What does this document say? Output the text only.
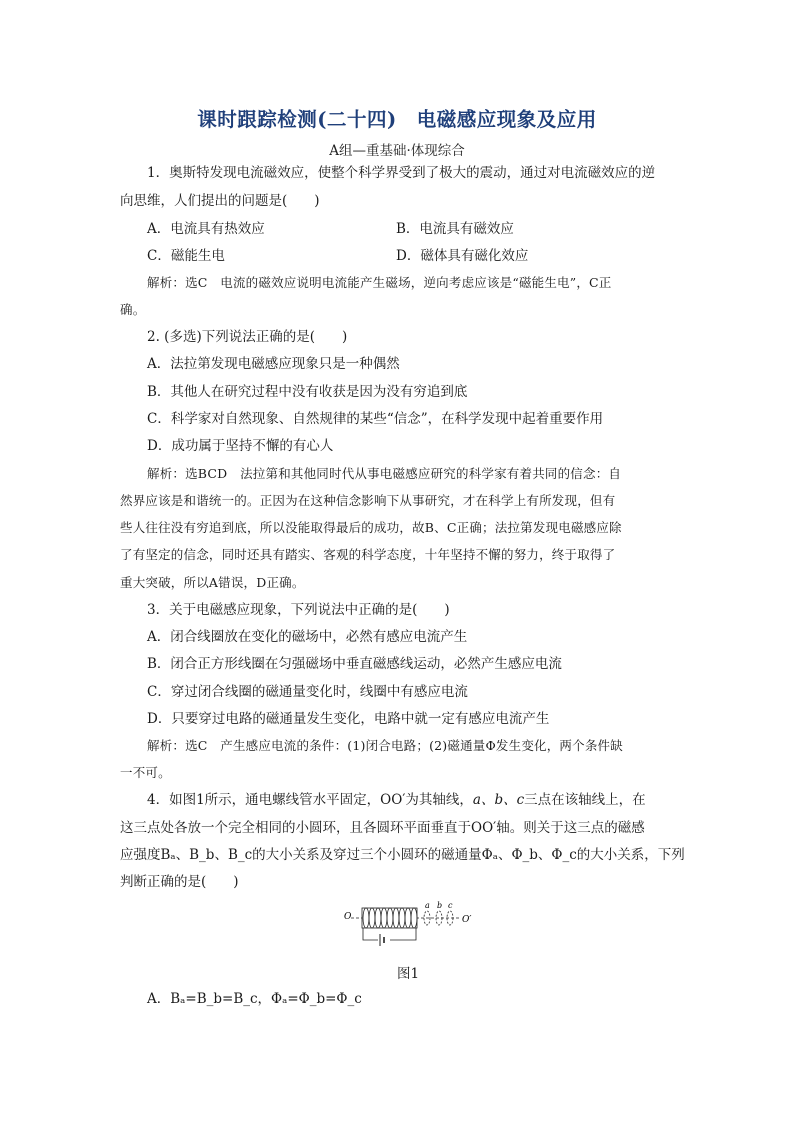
课时跟踪检测(二十四)　电磁感应现象及应用
A组—重基础·体现综合
1．奥斯特发现电流磁效应，使整个科学界受到了极大的震动，通过对电流磁效应的逆
向思维，人们提出的问题是(　　)
A．电流具有热效应	B．电流具有磁效应
C．磁能生电	D．磁体具有磁化效应
解析：选C　电流的磁效应说明电流能产生磁场，逆向考虑应该是“磁能生电”，C正
确。
2. (多选)下列说法正确的是(　　)
A．法拉第发现电磁感应现象只是一种偶然
B．其他人在研究过程中没有收获是因为没有穷追到底
C．科学家对自然现象、自然规律的某些“信念”，在科学发现中起着重要作用
D．成功属于坚持不懈的有心人
解析：选BCD　法拉第和其他同时代从事电磁感应研究的科学家有着共同的信念：自
然界应该是和谐统一的。正因为在这种信念影响下从事研究，才在科学上有所发现，但有
些人往往没有穷追到底，所以没能取得最后的成功，故B、C正确；法拉第发现电磁感应除
了有坚定的信念，同时还具有踏实、客观的科学态度，十年坚持不懈的努力，终于取得了
重大突破，所以A错误，D正确。
3．关于电磁感应现象，下列说法中正确的是(　　)
A．闭合线圈放在变化的磁场中，必然有感应电流产生
B．闭合正方形线圈在匀强磁场中垂直磁感线运动，必然产生感应电流
C．穿过闭合线圈的磁通量变化时，线圈中有感应电流
D．只要穿过电路的磁通量发生变化，电路中就一定有感应电流产生
解析：选C　产生感应电流的条件：(1)闭合电路；(2)磁通量Φ发生变化，两个条件缺
一不可。
4．如图1所示，通电螺线管水平固定，OO′为其轴线，a、b、c三点在该轴线上，在
这三点处各放一个完全相同的小圆环，且各圆环平面垂直于OO′轴。则关于这三点的磁感
应强度Bₐ、B_b、B_c的大小关系及穿过三个小圆环的磁通量Φₐ、Φ_b、Φ_c的大小关系，下列
判断正确的是(　　)
O
a b c
O′
图1
A．Bₐ=B_b=B_c，Φₐ=Φ_b=Φ_c
